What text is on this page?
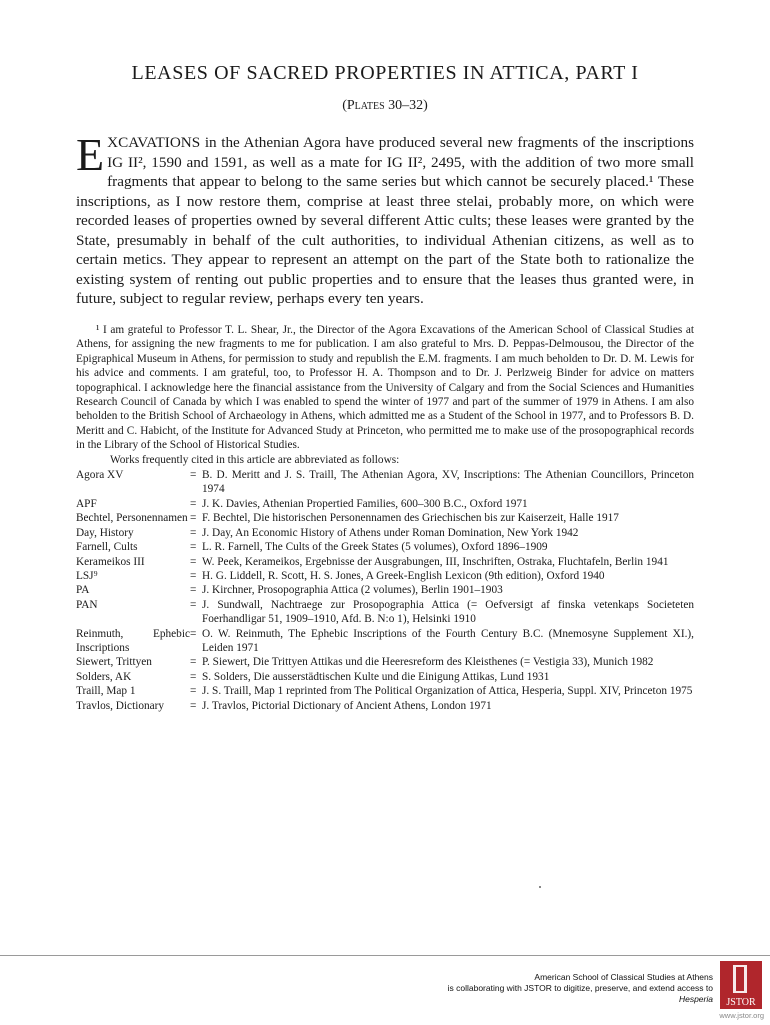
LEASES OF SACRED PROPERTIES IN ATTICA, PART I
(Plates 30–32)
E XCAVATIONS in the Athenian Agora have produced several new fragments of the inscriptions IG II², 1590 and 1591, as well as a mate for IG II², 2495, with the addition of two more small fragments that appear to belong to the same series but which cannot be securely placed.¹ These inscriptions, as I now restore them, comprise at least three stelai, probably more, on which were recorded leases of properties owned by several different Attic cults; these leases were granted by the State, presumably in behalf of the cult authorities, to individual Athenian citizens, as well as to certain metics. They appear to represent an attempt on the part of the State both to rationalize the existing system of renting out public properties and to ensure that the leases thus granted were, in future, subject to regular review, perhaps every ten years.

¹ I am grateful to Professor T. L. Shear, Jr., the Director of the Agora Excavations of the American School of Classical Studies at Athens, for assigning the new fragments to me for publication. I am also grateful to Mrs. D. Peppas-Delmousou, the Director of the Epigraphical Museum in Athens, for permission to study and republish the E.M. fragments. I am much beholden to Dr. D. M. Lewis for his advice and comments. I am grateful, too, to Professor H. A. Thompson and to Dr. J. Perlzweig Binder for advice on matters topographical. I acknowledge here the financial assistance from the University of Calgary and from the Social Sciences and Humanities Research Council of Canada by which I was enabled to spend the winter of 1977 and part of the summer of 1979 in Athens. I am also beholden to the British School of Archaeology in Athens, which admitted me as a Student of the School in 1977, and to Professors B. D. Meritt and C. Habicht, of the Institute for Advanced Study at Princeton, who permitted me to make use of the prosopographical records in the Library of the School of Historical Studies.

Works frequently cited in this article are abbreviated as follows:

Agora XV	= B. D. Meritt and J. S. Traill, The Athenian Agora, XV, Inscriptions: The Athenian Councillors, Princeton 1974
APF	= J. K. Davies, Athenian Propertied Families, 600–300 B.C., Oxford 1971
Bechtel, Personennamen = F. Bechtel, Die historischen Personennamen des Griechischen bis zur Kaiserzeit, Halle 1917
Day, History	= J. Day, An Economic History of Athens under Roman Domination, New York 1942
Farnell, Cults	= L. R. Farnell, The Cults of the Greek States (5 volumes), Oxford 1896–1909
Kerameikos III	= W. Peek, Kerameikos, Ergebnisse der Ausgrabungen, III, Inschriften, Ostraka, Fluchtafeln, Berlin 1941
LSJ⁹	= H. G. Liddell, R. Scott, H. S. Jones, A Greek-English Lexicon (9th edition), Oxford 1940
PA	= J. Kirchner, Prosopographia Attica (2 volumes), Berlin 1901–1903
PAN	= J. Sundwall, Nachtraege zur Prosopographia Attica (= Oefversigt af finska vetenkaps Societeten Foerhandligar 51, 1909–1910, Afd. B. N:o 1), Helsinki 1910
Reinmuth, Ephebic Inscriptions
= O. W. Reinmuth, The Ephebic Inscriptions of the Fourth Century B.C. (Mnemosyne Supplement XI.), Leiden 1971
Siewert, Trittyen	= P. Siewert, Die Trittyen Attikas und die Heeresreform des Kleisthenes (= Vestigia 33), Munich 1982
Solders, AK	= S. Solders, Die ausserstädtischen Kulte und die Einigung Attikas, Lund 1931
Traill, Map 1	= J. S. Traill, Map 1 reprinted from The Political Organization of Attica, Hesperia, Suppl. XIV, Princeton 1975
Travlos, Dictionary	= J. Travlos, Pictorial Dictionary of Ancient Athens, London 1971
American School of Classical Studies at Athens
is collaborating with JSTOR to digitize, preserve, and extend access to
Hesperia JSTOR
www.jstor.org
